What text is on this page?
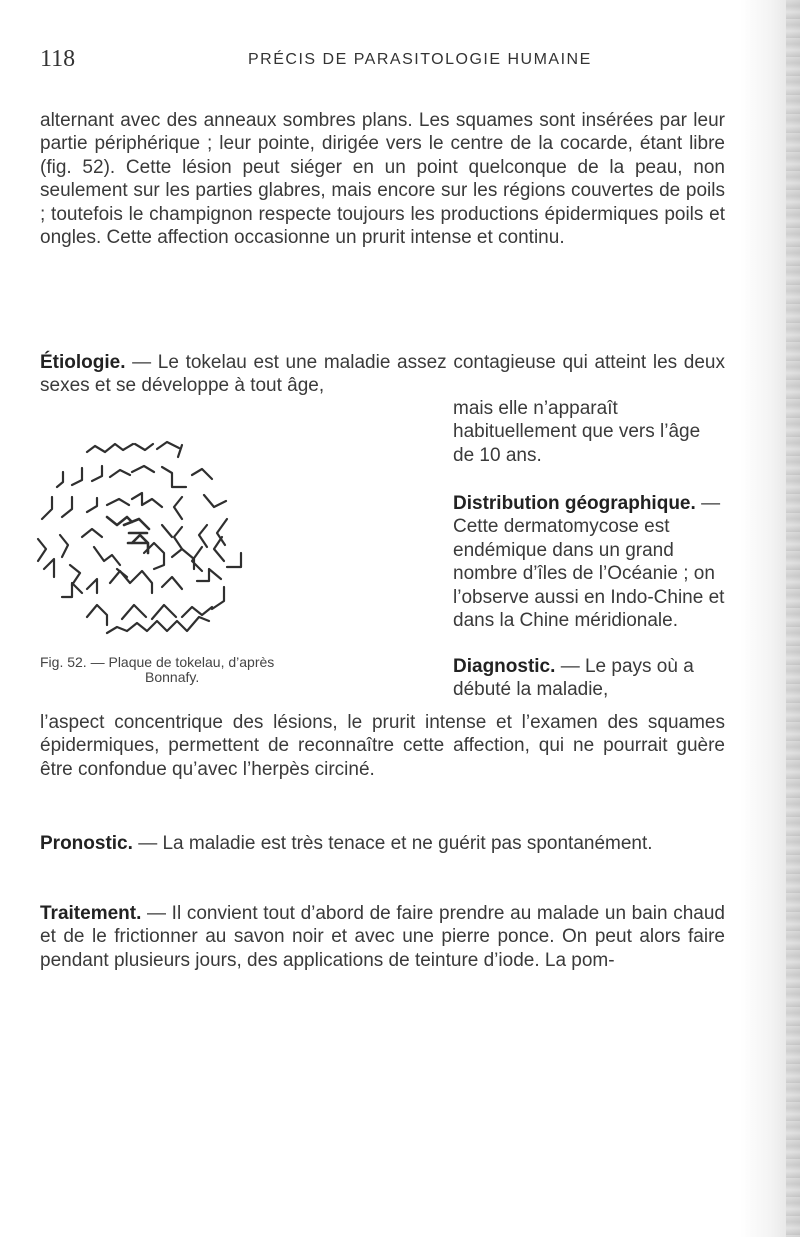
118	PRÉCIS DE PARASITOLOGIE HUMAINE

alternant avec des anneaux sombres plans. Les squames sont insérées par leur partie périphérique ; leur pointe, dirigée vers le centre de la cocarde, étant libre (fig. 52). Cette lésion peut siéger en un point quelconque de la peau, non seulement sur les parties glabres, mais encore sur les régions couvertes de poils ; toutefois le champignon respecte toujours les productions épidermiques poils et ongles. Cette affection occasionne un prurit intense et continu.

Étiologie. — Le tokelau est une maladie assez contagieuse qui atteint les deux sexes et se développe à tout âge,

mais elle n’apparaît habituellement que vers l’âge de 10 ans.

Distribution géographique. — Cette dermatomycose est endémique dans un grand nombre d’îles de l’Océanie ; on l’observe aussi en Indo-Chine et dans la Chine méridionale.

Fig. 52. — Plaque de tokelau, d’après
Bonnafy.	Diagnostic. — Le pays où a débuté la maladie,

l’aspect concentrique des lésions, le prurit intense et l’examen des squames épidermiques, permettent de reconnaître cette affection, qui ne pourrait guère être confondue qu’avec l’herpès circiné.

Pronostic. — La maladie est très tenace et ne guérit pas spontanément.

Traitement. — Il convient tout d’abord de faire prendre au malade un bain chaud et de le frictionner au savon noir et avec une pierre ponce. On peut alors faire pendant plusieurs jours, des applications de teinture d’iode. La pom-
